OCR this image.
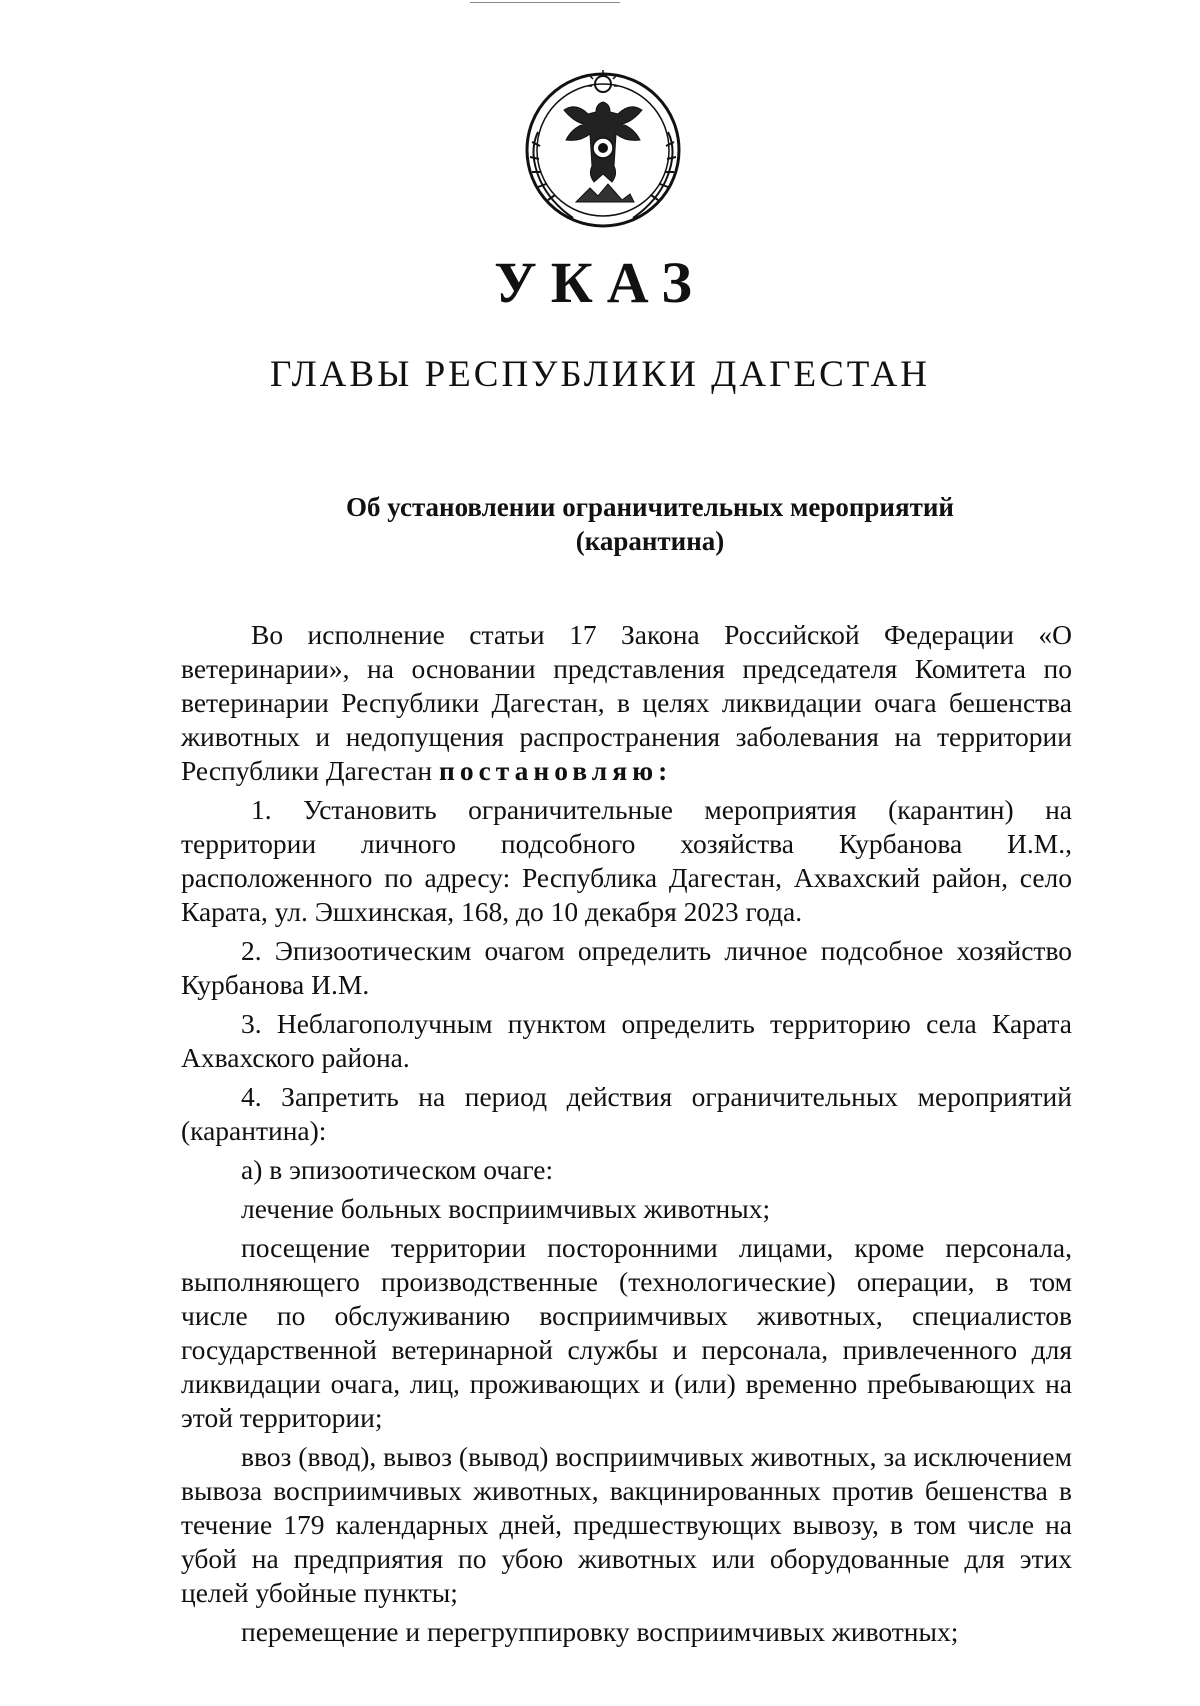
УКАЗ
ГЛАВЫ РЕСПУБЛИКИ ДАГЕСТАН
Об установлении ограничительных мероприятий
(карантина)

Во исполнение статьи 17 Закона Российской Федерации «О ветеринарии», на основании представления председателя Комитета по ветеринарии Республики Дагестан, в целях ликвидации очага бешенства животных и недопущения распространения заболевания на территории Республики Дагестан постановляю:

1. Установить ограничительные мероприятия (карантин) на территории личного подсобного хозяйства Курбанова И.М., расположенного по адресу: Республика Дагестан, Ахвахский район, село Карата, ул. Эшхинская, 168, до 10 декабря 2023 года.

2. Эпизоотическим очагом определить личное подсобное хозяйство Курбанова И.М.

3. Неблагополучным пунктом определить территорию села Карата Ахвахского района.

4. Запретить на период действия ограничительных мероприятий (карантина):

а) в эпизоотическом очаге:

лечение больных восприимчивых животных;

посещение территории посторонними лицами, кроме персонала, выполняющего производственные (технологические) операции, в том числе по обслуживанию восприимчивых животных, специалистов государственной ветеринарной службы и персонала, привлеченного для ликвидации очага, лиц, проживающих и (или) временно пребывающих на этой территории;

ввоз (ввод), вывоз (вывод) восприимчивых животных, за исключением вывоза восприимчивых животных, вакцинированных против бешенства в течение 179 календарных дней, предшествующих вывозу, в том числе на убой на предприятия по убою животных или оборудованные для этих целей убойные пункты;

перемещение и перегруппировку восприимчивых животных;
